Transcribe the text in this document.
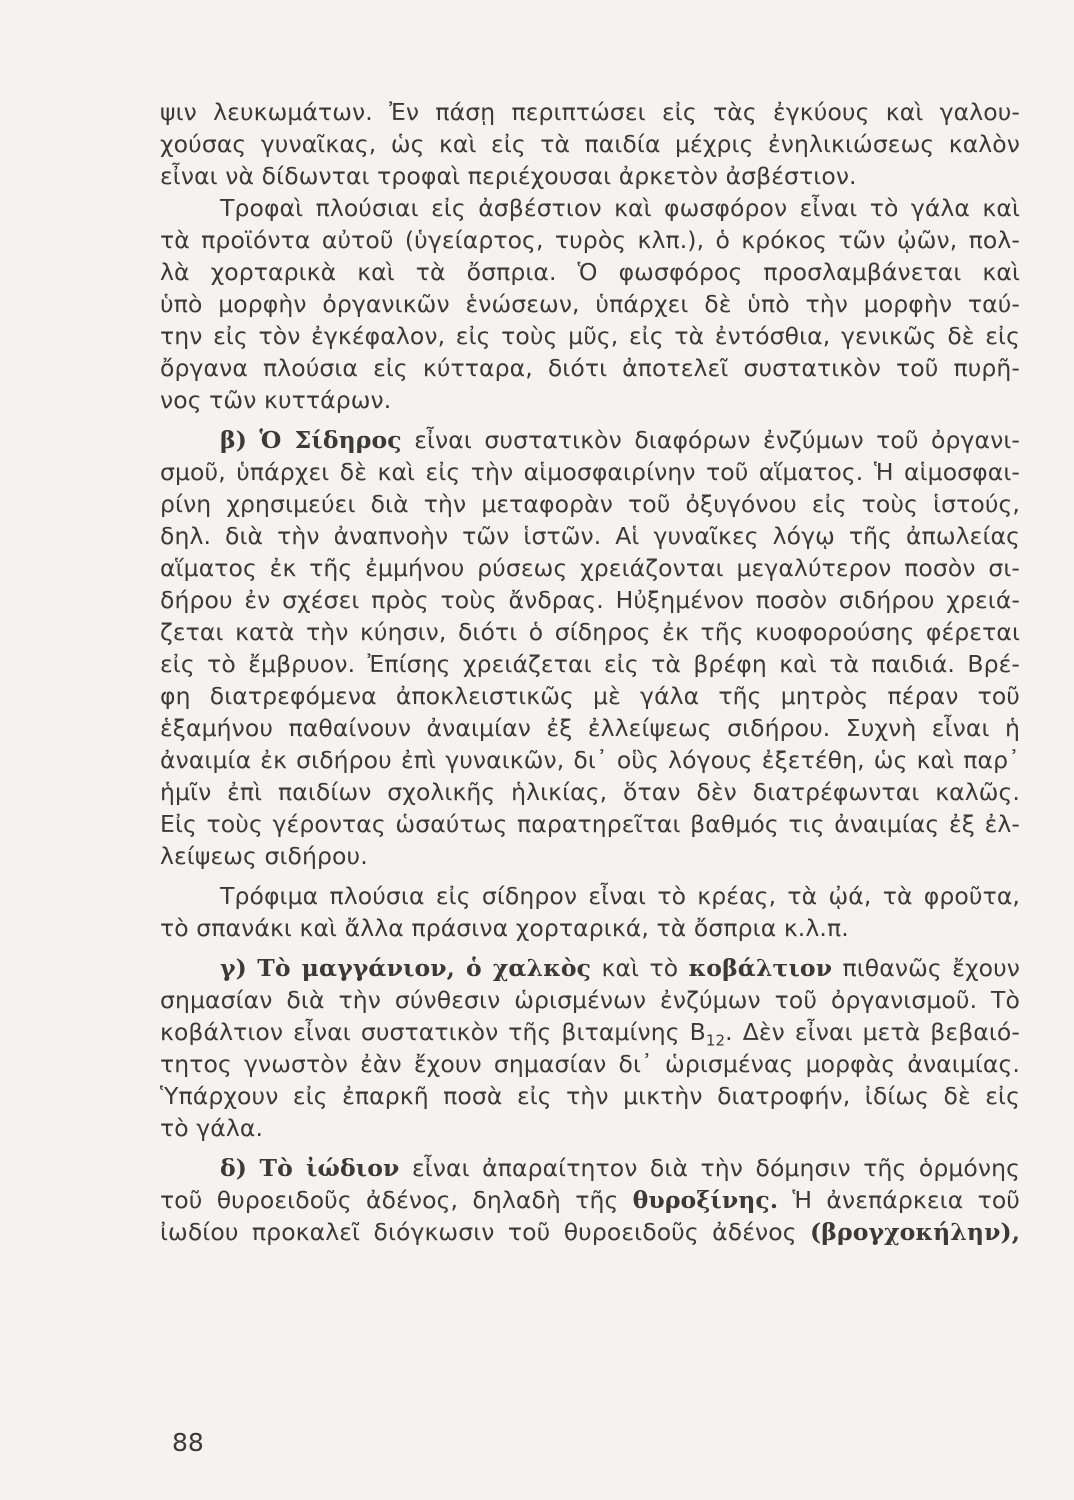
ψιν λευκωμάτων. Ἐν πάσῃ περιπτώσει εἰς τὰς ἐγκύους καὶ γαλου-
χούσας γυναῖκας, ὡς καὶ εἰς τὰ παιδία μέχρις ἐνηλικιώσεως καλὸν
εἶναι νὰ δίδωνται τροφαὶ περιέχουσαι ἀρκετὸν ἀσβέστιον.
Τροφαὶ πλούσιαι εἰς ἀσβέστιον καὶ φωσφόρον εἶναι τὸ γάλα καὶ
τὰ προϊόντα αὐτοῦ (ὑγείαρτος, τυρὸς κλπ.), ὁ κρόκος τῶν ᾠῶν, πολ-
λὰ χορταρικὰ καὶ τὰ ὄσπρια. Ὁ φωσφόρος προσλαμβάνεται καὶ
ὑπὸ μορφὴν ὀργανικῶν ἑνώσεων, ὑπάρχει δὲ ὑπὸ τὴν μορφὴν ταύ-
την εἰς τὸν ἐγκέφαλον, εἰς τοὺς μῦς, εἰς τὰ ἐντόσθια, γενικῶς δὲ εἰς
ὄργανα πλούσια εἰς κύτταρα, διότι ἀποτελεῖ συστατικὸν τοῦ πυρῆ-
νος τῶν κυττάρων.
β) Ὁ Σίδηρος εἶναι συστατικὸν διαφόρων ἐνζύμων τοῦ ὀργανι-
σμοῦ, ὑπάρχει δὲ καὶ εἰς τὴν αἱμοσφαιρίνην τοῦ αἵματος. Ἡ αἱμοσφαι-
ρίνη χρησιμεύει διὰ τὴν μεταφορὰν τοῦ ὀξυγόνου εἰς τοὺς ἱστούς,
δηλ. διὰ τὴν ἀναπνοὴν τῶν ἱστῶν. Αἱ γυναῖκες λόγῳ τῆς ἀπωλείας
αἵματος ἐκ τῆς ἐμμήνου ρύσεως χρειάζονται μεγαλύτερον ποσὸν σι-
δήρου ἐν σχέσει πρὸς τοὺς ἄνδρας. Ηὐξημένον ποσὸν σιδήρου χρειά-
ζεται κατὰ τὴν κύησιν, διότι ὁ σίδηρος ἐκ τῆς κυοφορούσης φέρεται
εἰς τὸ ἔμβρυον. Ἐπίσης χρειάζεται εἰς τὰ βρέφη καὶ τὰ παιδιά. Βρέ-
φη διατρεφόμενα ἀποκλειστικῶς μὲ γάλα τῆς μητρὸς πέραν τοῦ
ἑξαμήνου παθαίνουν ἀναιμίαν ἐξ ἐλλείψεως σιδήρου. Συχνὴ εἶναι ἡ
ἀναιμία ἐκ σιδήρου ἐπὶ γυναικῶν, δι᾿ οὓς λόγους ἐξετέθη, ὡς καὶ παρ᾿
ἡμῖν ἐπὶ παιδίων σχολικῆς ἡλικίας, ὅταν δὲν διατρέφωνται καλῶς.
Εἰς τοὺς γέροντας ὡσαύτως παρατηρεῖται βαθμός τις ἀναιμίας ἐξ ἐλ-
λείψεως σιδήρου.
Τρόφιμα πλούσια εἰς σίδηρον εἶναι τὸ κρέας, τὰ ᾠά, τὰ φροῦτα,
τὸ σπανάκι καὶ ἄλλα πράσινα χορταρικά, τὰ ὄσπρια κ.λ.π.
γ) Τὸ μαγγάνιον, ὁ χαλκὸς καὶ τὸ κοβάλτιον πιθανῶς ἔχουν
σημασίαν διὰ τὴν σύνθεσιν ὡρισμένων ἐνζύμων τοῦ ὀργανισμοῦ. Τὸ
κοβάλτιον εἶναι συστατικὸν τῆς βιταμίνης $B_{12}$. Δὲν εἶναι μετὰ βεβαιό-
τητος γνωστὸν ἐὰν ἔχουν σημασίαν δι᾿ ὡρισμένας μορφὰς ἀναιμίας.
Ὑπάρχουν εἰς ἐπαρκῆ ποσὰ εἰς τὴν μικτὴν διατροφήν, ἰδίως δὲ εἰς
τὸ γάλα.
δ) Τὸ ἰώδιον εἶναι ἀπαραίτητον διὰ τὴν δόμησιν τῆς ὁρμόνης
τοῦ θυροειδοῦς ἀδένος, δηλαδὴ τῆς θυροξίνης. Ἡ ἀνεπάρκεια τοῦ
ἰωδίου προκαλεῖ διόγκωσιν τοῦ θυροειδοῦς ἀδένος (βρογχοκήλην),
88
